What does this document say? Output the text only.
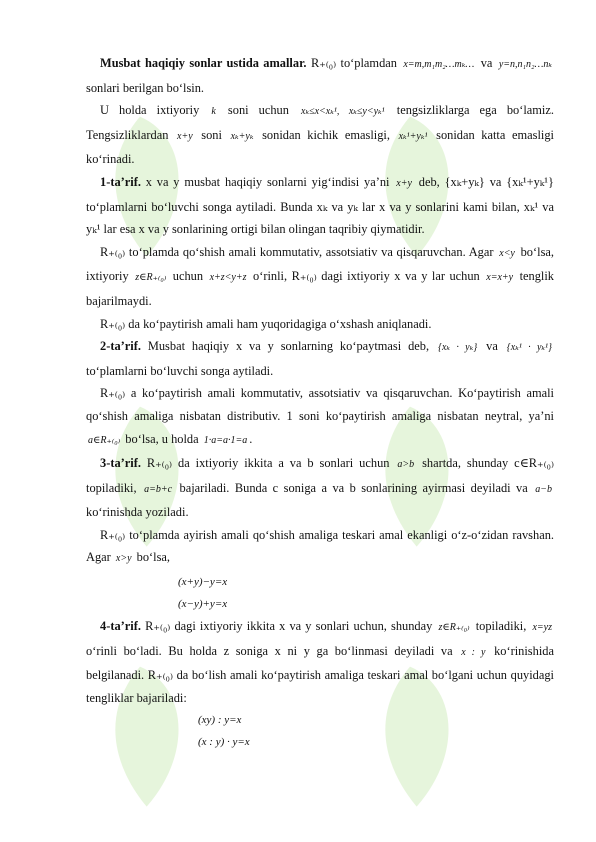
Musbat haqiqiy sonlar ustida amallar. R₊₍₀₎ to‘plamdan x=m,m₁m₂…mₖ… va y=n,n₁n₂…nₖ sonlari berilgan bo‘lsin.

U holda ixtiyoriy k soni uchun xₖ≤x<xₖ¹, xₖ≤y<yₖ¹ tengsizliklarga ega bo‘lamiz. Tengsizliklardan x+y soni xₖ+yₖ sonidan kichik emasligi, xₖ¹+yₖ¹ sonidan katta emasligi ko‘rinadi.

1-ta’rif. x va y musbat haqiqiy sonlarni yig‘indisi ya’ni x+y deb, {xₖ+yₖ} va {xₖ¹+yₖ¹} to‘plamlarni bo‘luvchi songa aytiladi. Bunda xₖ va yₖ lar x va y sonlarini kami bilan, xₖ¹ va yₖ¹ lar esa x va y sonlarining ortigi bilan olingan taqribiy qiymatidir.

R₊₍₀₎ to‘plamda qo‘shish amali kommutativ, assotsiativ va qisqaruvchan. Agar x<y bo‘lsa, ixtiyoriy z∈R₊₍₀₎ uchun x+z<y+z o‘rinli, R₊₍₀₎ dagi ixtiyoriy x va y lar uchun x=x+y tenglik bajarilmaydi.

R₊₍₀₎ da ko‘paytirish amali ham yuqoridagiga o‘xshash aniqlanadi.

2-ta’rif. Musbat haqiqiy x va y sonlarning ko‘paytmasi deb, {xₖ · yₖ} va {xₖ¹ · yₖ¹} to‘plamlarni bo‘luvchi songa aytiladi.

R₊₍₀₎ a ko‘paytirish amali kommutativ, assotsiativ va qisqaruvchan. Ko‘paytirish amali qo‘shish amaliga nisbatan distributiv. 1 soni ko‘paytirish amaliga nisbatan neytral, ya’ni a∈R₊₍₀₎ bo‘lsa, u holda 1·a=a·1=a .

3-ta’rif. R₊₍₀₎ da ixtiyoriy ikkita a va b sonlari uchun a>b shartda, shunday c∈R₊₍₀₎ topiladiki, a=b+c bajariladi. Bunda c soniga a va b sonlarining ayirmasi deyiladi va a−b ko‘rinishda yoziladi.

R₊₍₀₎ to‘plamda ayirish amali qo‘shish amaliga teskari amal ekanligi o‘z-o‘zidan ravshan. Agar x>y bo‘lsa,

(x+y)−y=x

(x−y)+y=x

4-ta’rif. R₊₍₀₎ dagi ixtiyoriy ikkita x va y sonlari uchun, shunday z∈R₊₍₀₎ topiladiki, x=yz o‘rinli bo‘ladi. Bu holda z soniga x ni y ga bo‘linmasi deyiladi va x : y ko‘rinishida belgilanadi. R₊₍₀₎ da bo‘lish amali ko‘paytirish amaliga teskari amal bo‘lgani uchun quyidagi tengliklar bajariladi:

(xy) : y=x

(x : y) · y=x
